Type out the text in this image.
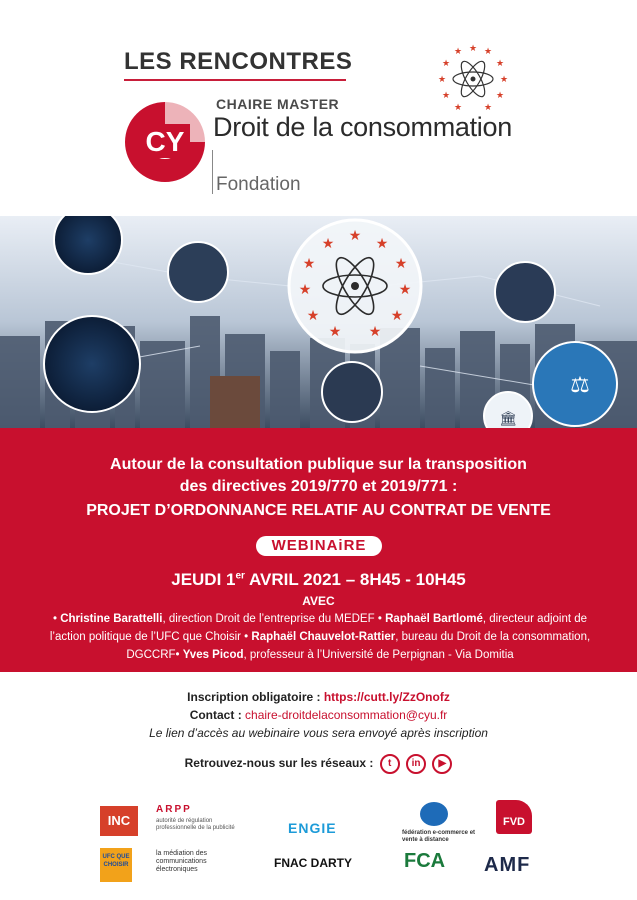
LES RENCONTRES
CY
CHAIRE MASTER
Droit de la consommation
Fondation
★
★ ★
★	★
★	★
★	★
★ ★
★
★	★
★	★
★	★
★	★
★ ★
⚖
🏛
Autour de la consultation publique sur la transposition
des directives 2019/770 et 2019/771 :
PROJET D’ORDONNANCE RELATIF AU CONTRAT DE VENTE
WEBINAiRE
JEUDI 1er AVRIL 2021 – 8H45 - 10H45
AVEC
• Christine Barattelli, direction Droit de l’entreprise du MEDEF • Raphaël Bartlomé, directeur adjoint de l’action politique de l’UFC que Choisir • Raphaël Chauvelot-Rattier, bureau du Droit de la consommation, DGCCRF• Yves Picod, professeur à l’Université de Perpignan - Via Domitia
Inscription obligatoire : https://cutt.ly/ZzOnofz
Contact : chaire-droitdelaconsommation@cyu.fr
Le lien d’accès au webinaire vous sera envoyé après inscription
Retrouvez-nous sur les réseaux : t in ▶
INC
ARPP
autorité de régulation professionnelle de la publicité	ENGIE	fédération e-commerce et vente à distance
FVD
UFC QUE CHOISIR
la médiation des communications électroniques	FNAC DARTY	FCA AMF
